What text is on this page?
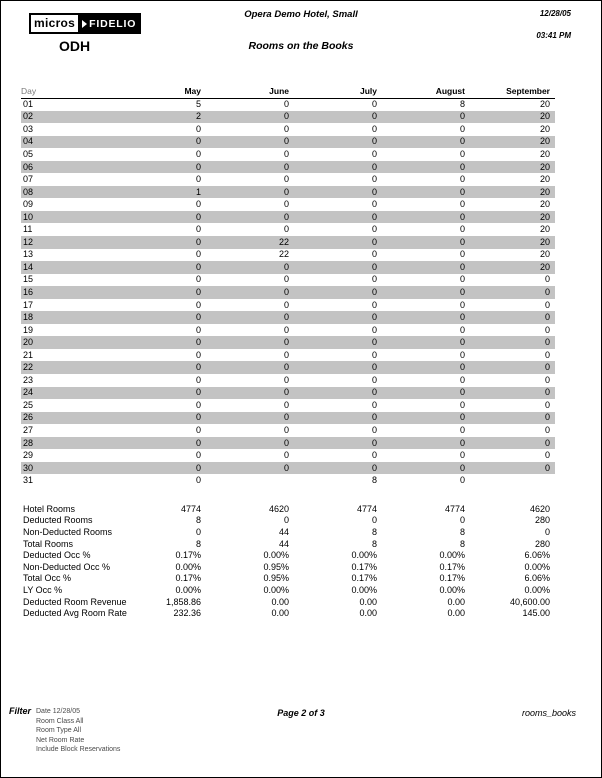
micros	FIDELIO
ODH
Opera Demo Hotel, Small
Rooms on the Books
12/28/05
03:41 PM
Day	May	June	July	August	September
01	5	0	0	8	20
02	2	0	0	0	20
03	0	0	0	0	20
04	0	0	0	0	20
05	0	0	0	0	20
06	0	0	0	0	20
07	0	0	0	0	20
08	1	0	0	0	20
09	0	0	0	0	20
10	0	0	0	0	20
11	0	0	0	0	20
12	0	22	0	0	20
13	0	22	0	0	20
14	0	0	0	0	20
15	0	0	0	0	0
16	0	0	0	0	0
17	0	0	0	0	0
18	0	0	0	0	0
19	0	0	0	0	0
20	0	0	0	0	0
21	0	0	0	0	0
22	0	0	0	0	0
23	0	0	0	0	0
24	0	0	0	0	0
25	0	0	0	0	0
26	0	0	0	0	0
27	0	0	0	0	0
28	0	0	0	0	0
29	0	0	0	0	0
30	0	0	0	0	0
31	0		8	0	
Hotel Rooms	4774	4620	4774	4774	4620
Deducted Rooms	8	0	0	0	280
Non-Deducted Rooms	0	44	8	8	0
Total Rooms	8	44	8	8	280
Deducted Occ %	0.17%	0.00%	0.00%	0.00%	6.06%
Non-Deducted Occ %	0.00%	0.95%	0.17%	0.17%	0.00%
Total Occ %	0.17%	0.95%	0.17%	0.17%	6.06%
LY Occ %	0.00%	0.00%	0.00%	0.00%	0.00%
Deducted Room Revenue	1,858.86	0.00	0.00	0.00	40,600.00
Deducted Avg Room Rate	232.36	0.00	0.00	0.00	145.00
Filter Date 12/28/05
Room Class All
Room Type All
Net Room Rate
Include Block Reservations
Page 2 of 3	rooms_books
